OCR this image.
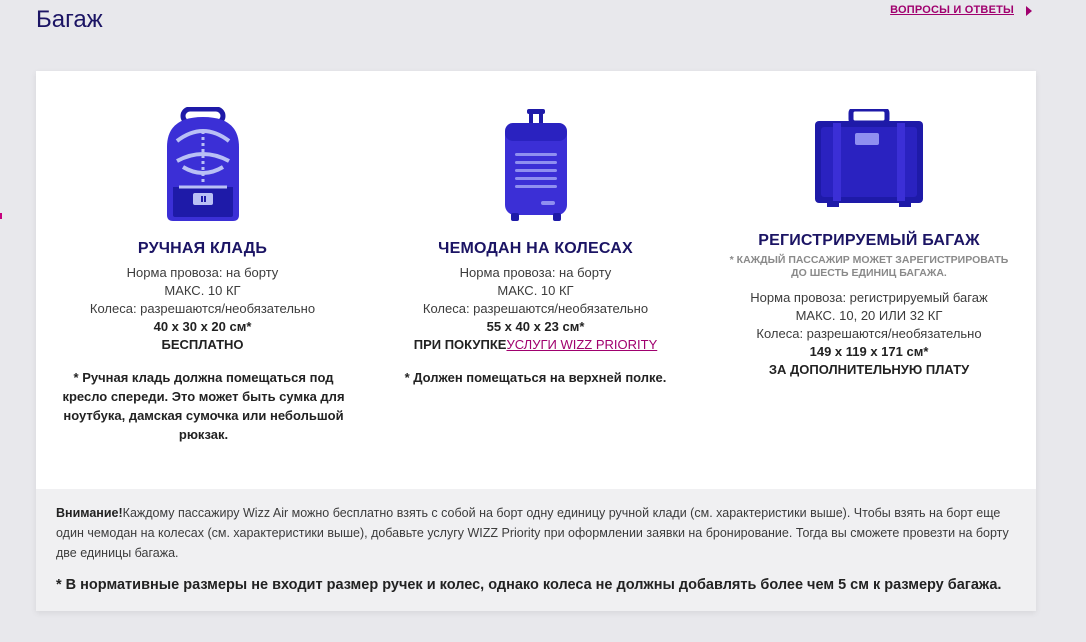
Багаж	ВОПРОСЫ И ОТВЕТЫ
РУЧНАЯ КЛАДЬ
Норма провоза: на борту
МАКС. 10 КГ
Колеса: разрешаются/необязательно
40 x 30 x 20 см*
БЕСПЛАТНО
* Ручная кладь должна помещаться под кресло спереди. Это может быть сумка для ноутбука, дамская сумочка или небольшой рюкзак.
ЧЕМОДАН НА КОЛЕСАХ
Норма провоза: на борту
МАКС. 10 КГ
Колеса: разрешаются/необязательно
55 x 40 x 23 см*
ПРИ ПОКУПКЕУСЛУГИ WIZZ PRIORITY
* Должен помещаться на верхней полке.
РЕГИСТРИРУЕМЫЙ БАГАЖ
* КАЖДЫЙ ПАССАЖИР МОЖЕТ ЗАРЕГИСТРИРОВАТЬ
ДО ШЕСТЬ ЕДИНИЦ БАГАЖА.
Норма провоза: регистрируемый багаж
МАКС. 10, 20 ИЛИ 32 КГ
Колеса: разрешаются/необязательно
149 x 119 x 171 см*
ЗА ДОПОЛНИТЕЛЬНУЮ ПЛАТУ
Внимание!Каждому пассажиру Wizz Air можно бесплатно взять с собой на борт одну единицу ручной клади (см. характеристики выше). Чтобы взять на борт еще один чемодан на колесах (см. характеристики выше), добавьте услугу WIZZ Priority при оформлении заявки на бронирование. Тогда вы сможете провезти на борту две единицы багажа.
* В нормативные размеры не входит размер ручек и колес, однако колеса не должны добавлять более чем 5 см к размеру багажа.
